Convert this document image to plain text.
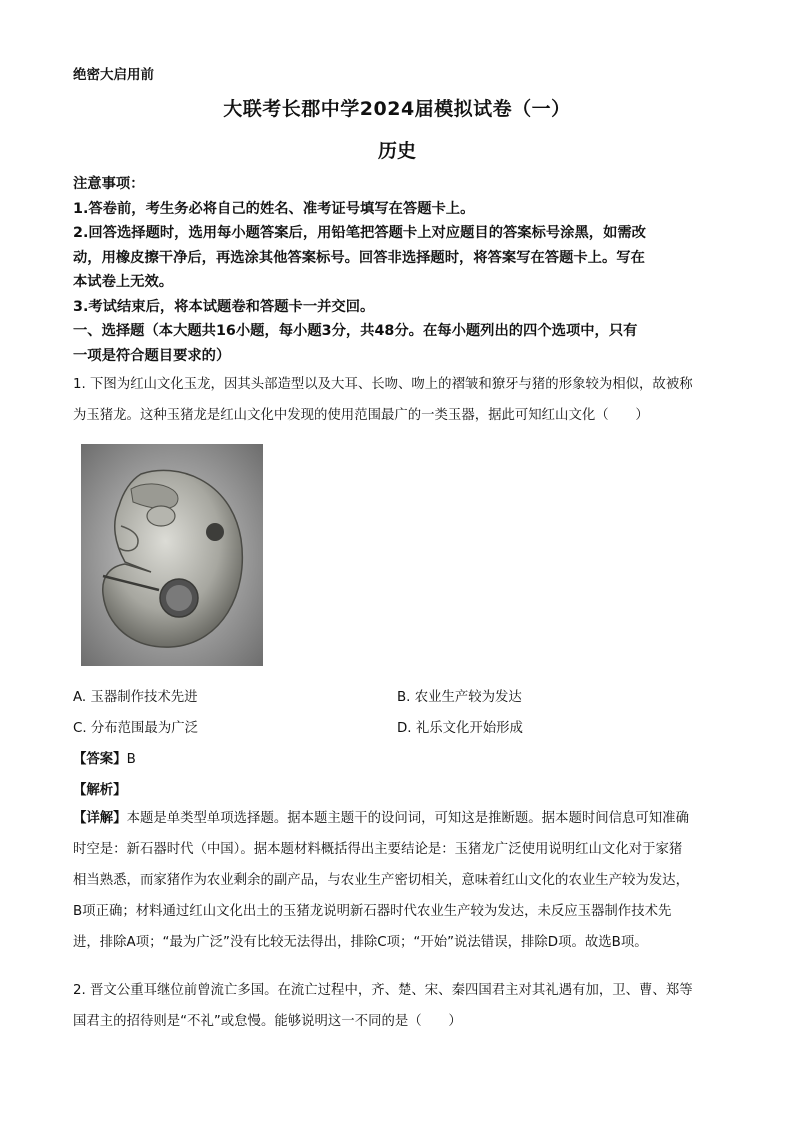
绝密大启用前
大联考长郡中学2024届模拟试卷（一）
历史
注意事项：
1.答卷前，考生务必将自己的姓名、准考证号填写在答题卡上。
2.回答选择题时，选用每小题答案后，用铅笔把答题卡上对应题目的答案标号涂黑，如需改
动，用橡皮擦干净后，再选涂其他答案标号。回答非选择题时，将答案写在答题卡上。写在
本试卷上无效。
3.考试结束后，将本试题卷和答题卡一并交回。
一、选择题（本大题共16小题，每小题3分，共48分。在每小题列出的四个选项中，只有
一项是符合题目要求的）
1. 下图为红山文化玉龙，因其头部造型以及大耳、长吻、吻上的褶皱和獠牙与猪的形象较为相似，故被称
为玉猪龙。这种玉猪龙是红山文化中发现的使用范围最广的一类玉器，据此可知红山文化（　　）
A. 玉器制作技术先进	B. 农业生产较为发达
C. 分布范围最为广泛	D. 礼乐文化开始形成
【答案】B
【解析】
【详解】本题是单类型单项选择题。据本题主题干的设问词，可知这是推断题。据本题时间信息可知准确
时空是：新石器时代（中国）。据本题材料概括得出主要结论是：玉猪龙广泛使用说明红山文化对于家猪
相当熟悉，而家猪作为农业剩余的副产品，与农业生产密切相关，意味着红山文化的农业生产较为发达，
B项正确；材料通过红山文化出土的玉猪龙说明新石器时代农业生产较为发达，未反应玉器制作技术先
进，排除A项；“最为广泛”没有比较无法得出，排除C项；“开始”说法错误，排除D项。故选B项。
2. 晋文公重耳继位前曾流亡多国。在流亡过程中，齐、楚、宋、秦四国君主对其礼遇有加，卫、曹、郑等
国君主的招待则是“不礼”或怠慢。能够说明这一不同的是（　　）
